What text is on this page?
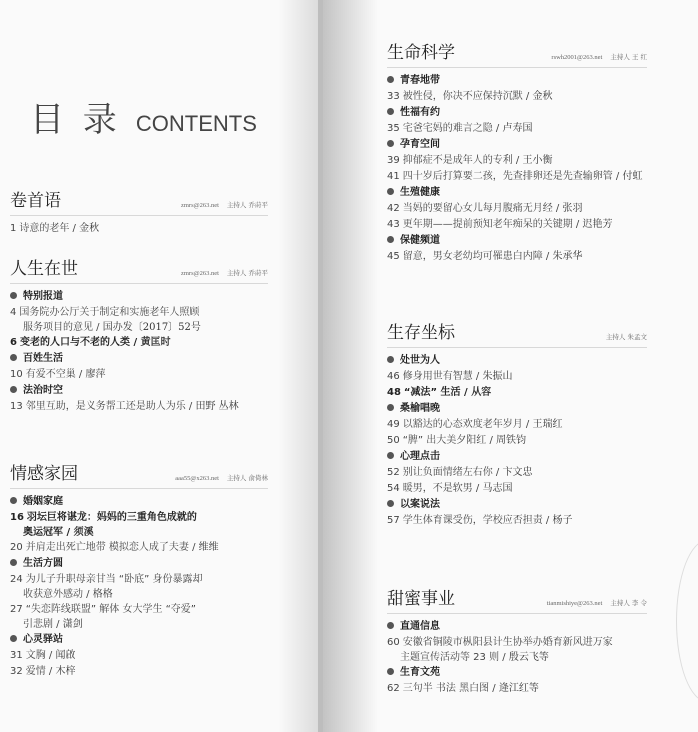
目 录 CONTENTS
卷首语	zmrs@263.net 主持人 乔莳平
1 诗意的老年 / 金秋
人生在世	zmrs@263.net 主持人 乔莳平
特别报道
4 国务院办公厅关于制定和实施老年人照顾
服务项目的意见 / 国办发〔2017〕52号
6 变老的人口与不老的人类 / 黄匡时
百姓生活
10 有爱不空巢 / 廖萍
法治时空
13 邻里互助，是义务帮工还是助人为乐 / 田野 丛林
情感家园	aaa55@x263.net 主持人 俞倚林
婚姻家庭
16 羽坛巨将谌龙：妈妈的三重角色成就的
奥运冠军 / 须溪
20 并肩走出死亡地带 模拟恋人成了夫妻 / 维维
生活方圆
24 为儿子升职母亲甘当 “卧底” 身份暴露却
收获意外感动 / 格格
27 “失恋阵线联盟” 解体 女大学生 “夺爱”
引悲剧 / 潇剑
心灵驿站
31 文胸 / 闻啟
32 爱情 / 木梓
生命科学	rswh2001@263.net 主持人 王 红
青春地带
33 被性侵，你决不应保持沉默 / 金秋
性福有约
35 宅爸宅妈的难言之隐 / 卢寿国
孕育空间
39 抑郁症不是成年人的专利 / 王小衡
41 四十岁后打算要二孩，先查排卵还是先查输卵管 / 付虹
生殖健康
42 当妈的要留心女儿每月腹痛无月经 / 张羽
43 更年期——提前预知老年痴呆的关键期 / 迟艳芳
保健频道
45 留意，男女老幼均可罹患白内障 / 朱承华
生存坐标	主持人 朱孟文
处世为人
46 修身用世有智慧 / 朱振山
48 “减法” 生活 / 从容
桑榆唱晚
49 以豁达的心态欢度老年岁月 / 王瑞红
50 “脾” 出大美夕阳红 / 周铁钧
心理点击
52 别让负面情绪左右你 / 卞文忠
54 暖男，不是软男 / 马志国
以案说法
57 学生体育课受伤，学校应否担责 / 杨子
甜蜜事业	tianmishiye@263.net 主持人 李 令
直通信息
60 安徽省铜陵市枞阳县计生协举办婚育新风进万家
主题宣传活动等 23 则 / 殷云飞等
生育文苑
62 三句半 书法 黑白图 / 逄江红等
